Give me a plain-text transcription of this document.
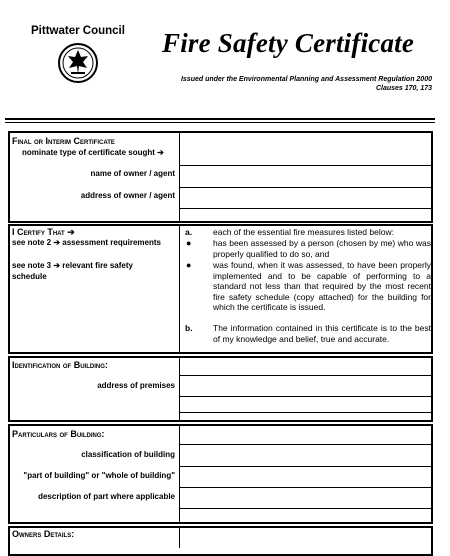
Pittwater Council Fire Safety Certificate
Issued under the Environmental Planning and Assessment Regulation 2000
Clauses 170, 173
Final or Interim Certificate
nominate type of certificate sought ➔
name of owner / agent
address of owner / agent
I Certify That ➔
see note 2 ➔ assessment requirements
see note 3 ➔ relevant fire safety schedule
a. each of the essential fire measures listed below:
●	has been assessed by a person (chosen by me) who was properly qualified to do so, and
●	was found, when it was assessed, to have been properly implemented and to be capable of performing to a standard not less than that required by the most recent fire safety schedule (copy attached) for the building for which the certificate is issued.
b. The information contained in this certificate is to the best of my knowledge and belief, true and accurate.
Identification of Building:
address of premises
Particulars of Building:
classification of building
"part of building" or "whole of building"
description of part where applicable
Owners Details:
